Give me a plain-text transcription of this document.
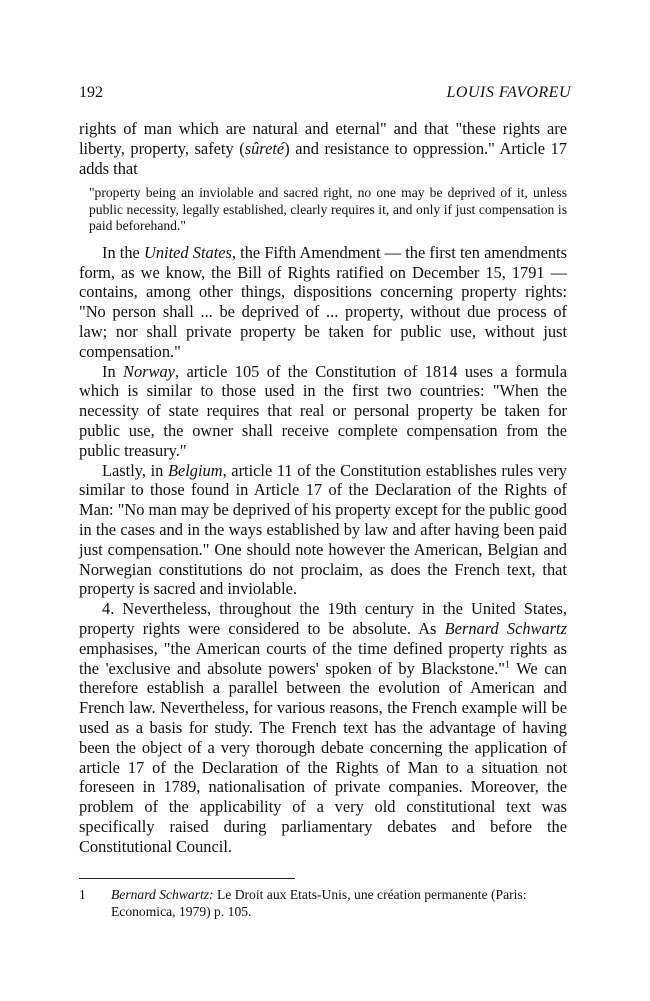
192	LOUIS FAVOREU

rights of man which are natural and eternal" and that "these rights are liberty, property, safety (sûreté) and resistance to oppression." Article 17 adds that

"property being an inviolable and sacred right, no one may be deprived of it, unless public necessity, legally established, clearly requires it, and only if just compensation is paid beforehand."

In the United States, the Fifth Amendment — the first ten amendments form, as we know, the Bill of Rights ratified on December 15, 1791 — contains, among other things, dispositions concerning property rights: "No person shall ... be deprived of ... property, without due process of law; nor shall private property be taken for public use, without just compensation."

In Norway, article 105 of the Constitution of 1814 uses a formula which is similar to those used in the first two countries: "When the necessity of state requires that real or personal property be taken for public use, the owner shall receive complete compensation from the public treasury."

Lastly, in Belgium, article 11 of the Constitution establishes rules very similar to those found in Article 17 of the Declaration of the Rights of Man: "No man may be deprived of his property except for the public good in the cases and in the ways established by law and after having been paid just compensation." One should note however the American, Belgian and Norwegian constitutions do not proclaim, as does the French text, that property is sacred and inviolable.

4. Nevertheless, throughout the 19th century in the United States, property rights were considered to be absolute. As Bernard Schwartz emphasises, "the American courts of the time defined property rights as the 'exclusive and absolute powers' spoken of by Blackstone."$^1$ We can therefore establish a parallel between the evolution of American and French law. Nevertheless, for various reasons, the French example will be used as a basis for study. The French text has the advantage of having been the object of a very thorough debate concerning the application of article 17 of the Declaration of the Rights of Man to a situation not foreseen in 1789, nationalisation of private companies. Moreover, the problem of the applicability of a very old constitutional text was specifically raised during parliamentary debates and before the Constitutional Council.

1	Bernard Schwartz: Le Droit aux Etats-Unis, une création permanente (Paris: Economica, 1979) p. 105.
